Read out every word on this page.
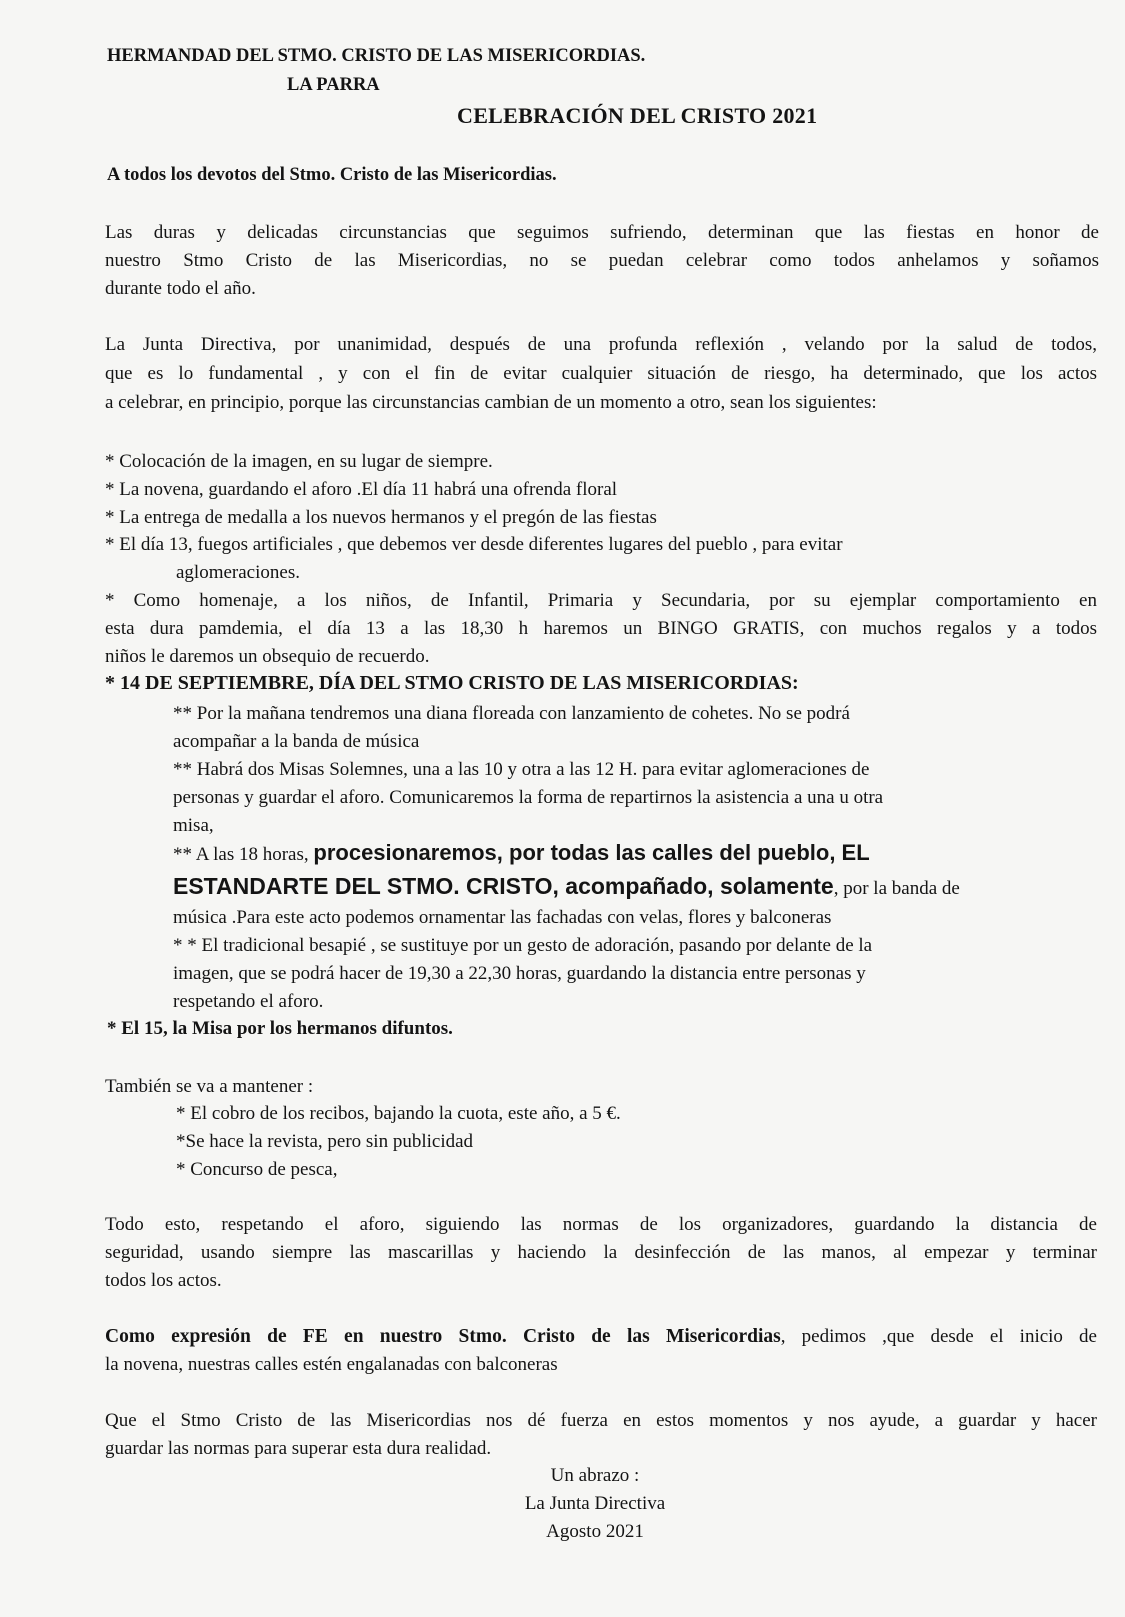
HERMANDAD DEL STMO. CRISTO DE LAS MISERICORDIAS.
LA PARRA
CELEBRACIÓN DEL CRISTO 2021
A todos los devotos del Stmo. Cristo de las Misericordias.
Las duras y delicadas circunstancias que seguimos sufriendo, determinan que las fiestas en honor de
nuestro Stmo Cristo de las Misericordias, no se puedan celebrar como todos anhelamos y soñamos
durante todo el año.
La Junta Directiva, por unanimidad, después de una profunda reflexión , velando por la salud de todos,
que es lo fundamental , y con el fin de evitar cualquier situación de riesgo, ha determinado, que los actos
a celebrar, en principio, porque las circunstancias cambian de un momento a otro, sean los siguientes:
* Colocación de la imagen, en su lugar de siempre.
* La novena, guardando el aforo .El día 11 habrá una ofrenda floral
* La entrega de medalla a los nuevos hermanos y el pregón de las fiestas
* El día 13, fuegos artificiales , que debemos ver desde diferentes lugares del pueblo , para evitar
aglomeraciones.
* Como homenaje, a los niños, de Infantil, Primaria y Secundaria, por su ejemplar comportamiento en
esta dura pamdemia, el día 13 a las 18,30 h haremos un BINGO GRATIS, con muchos regalos y a todos
niños le daremos un obsequio de recuerdo.
* 14 DE SEPTIEMBRE, DÍA DEL STMO CRISTO DE LAS MISERICORDIAS:
** Por la mañana tendremos una diana floreada con lanzamiento de cohetes. No se podrá
acompañar a la banda de música
** Habrá dos Misas Solemnes, una a las 10 y otra a las 12 H. para evitar aglomeraciones de
personas y guardar el aforo. Comunicaremos la forma de repartirnos la asistencia a una u otra
misa,
** A las 18 horas, procesionaremos, por todas las calles del pueblo, EL
ESTANDARTE DEL STMO. CRISTO, acompañado, solamente, por la banda de
música .Para este acto podemos ornamentar las fachadas con velas, flores y balconeras
* * El tradicional besapié , se sustituye por un gesto de adoración, pasando por delante de la
imagen, que se podrá hacer de 19,30 a 22,30 horas, guardando la distancia entre personas y
respetando el aforo.
* El 15, la Misa por los hermanos difuntos.
También se va a mantener :
* El cobro de los recibos, bajando la cuota, este año, a 5 €.
*Se hace la revista, pero sin publicidad
* Concurso de pesca,
Todo esto, respetando el aforo, siguiendo las normas de los organizadores, guardando la distancia de
seguridad, usando siempre las mascarillas y haciendo la desinfección de las manos, al empezar y terminar
todos los actos.
Como expresión de FE en nuestro Stmo. Cristo de las Misericordias, pedimos ,que desde el inicio de
la novena, nuestras calles estén engalanadas con balconeras
Que el Stmo Cristo de las Misericordias nos dé fuerza en estos momentos y nos ayude, a guardar y hacer
guardar las normas para superar esta dura realidad.
Un abrazo :
La Junta Directiva
Agosto 2021
